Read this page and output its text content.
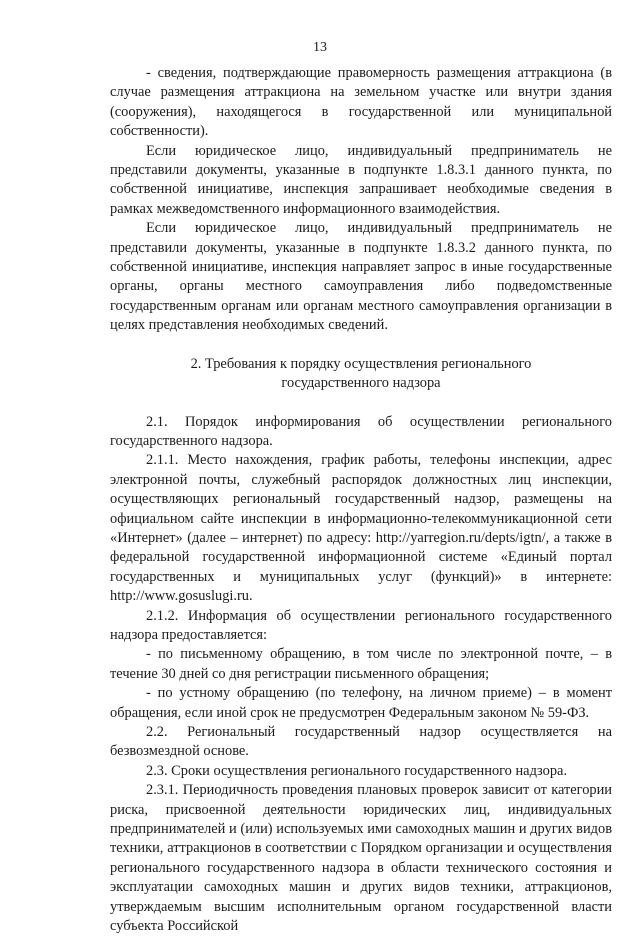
13

- сведения, подтверждающие правомерность размещения аттракциона (в случае размещения аттракциона на земельном участке или внутри здания (сооружения), находящегося в государственной или муниципальной собственности).

Если юридическое лицо, индивидуальный предприниматель не представили документы, указанные в подпункте 1.8.3.1 данного пункта, по собственной инициативе, инспекция запрашивает необходимые сведения в рамках межведомственного информационного взаимодействия.

Если юридическое лицо, индивидуальный предприниматель не представили документы, указанные в подпункте 1.8.3.2 данного пункта, по собственной инициативе, инспекция направляет запрос в иные государственные органы, органы местного самоуправления либо подведомственные государственным органам или органам местного самоуправления организации в целях представления необходимых сведений.

2. Требования к порядку осуществления регионального
государственного надзора

2.1. Порядок информирования об осуществлении регионального государственного надзора.

2.1.1. Место нахождения, график работы, телефоны инспекции, адрес электронной почты, служебный распорядок должностных лиц инспекции, осуществляющих региональный государственный надзор, размещены на официальном сайте инспекции в информационно-телекоммуникационной сети «Интернет» (далее – интернет) по адресу: http://yarregion.ru/depts/igtn/, а также в федеральной государственной информационной системе «Единый портал государственных и муниципальных услуг (функций)» в интернете: http://www.gosuslugi.ru.

2.1.2. Информация об осуществлении регионального государственного надзора предоставляется:

- по письменному обращению, в том числе по электронной почте, – в течение 30 дней со дня регистрации письменного обращения;

- по устному обращению (по телефону, на личном приеме) – в момент обращения, если иной срок не предусмотрен Федеральным законом № 59-ФЗ.

2.2. Региональный государственный надзор осуществляется на безвозмездной основе.

2.3. Сроки осуществления регионального государственного надзора.

2.3.1. Периодичность проведения плановых проверок зависит от категории риска, присвоенной деятельности юридических лиц, индивидуальных предпринимателей и (или) используемых ими самоходных машин и других видов техники, аттракционов в соответствии с Порядком организации и осуществления регионального государственного надзора в области технического состояния и эксплуатации самоходных машин и других видов техники, аттракционов, утверждаемым высшим исполнительным органом государственной власти субъекта Российской
